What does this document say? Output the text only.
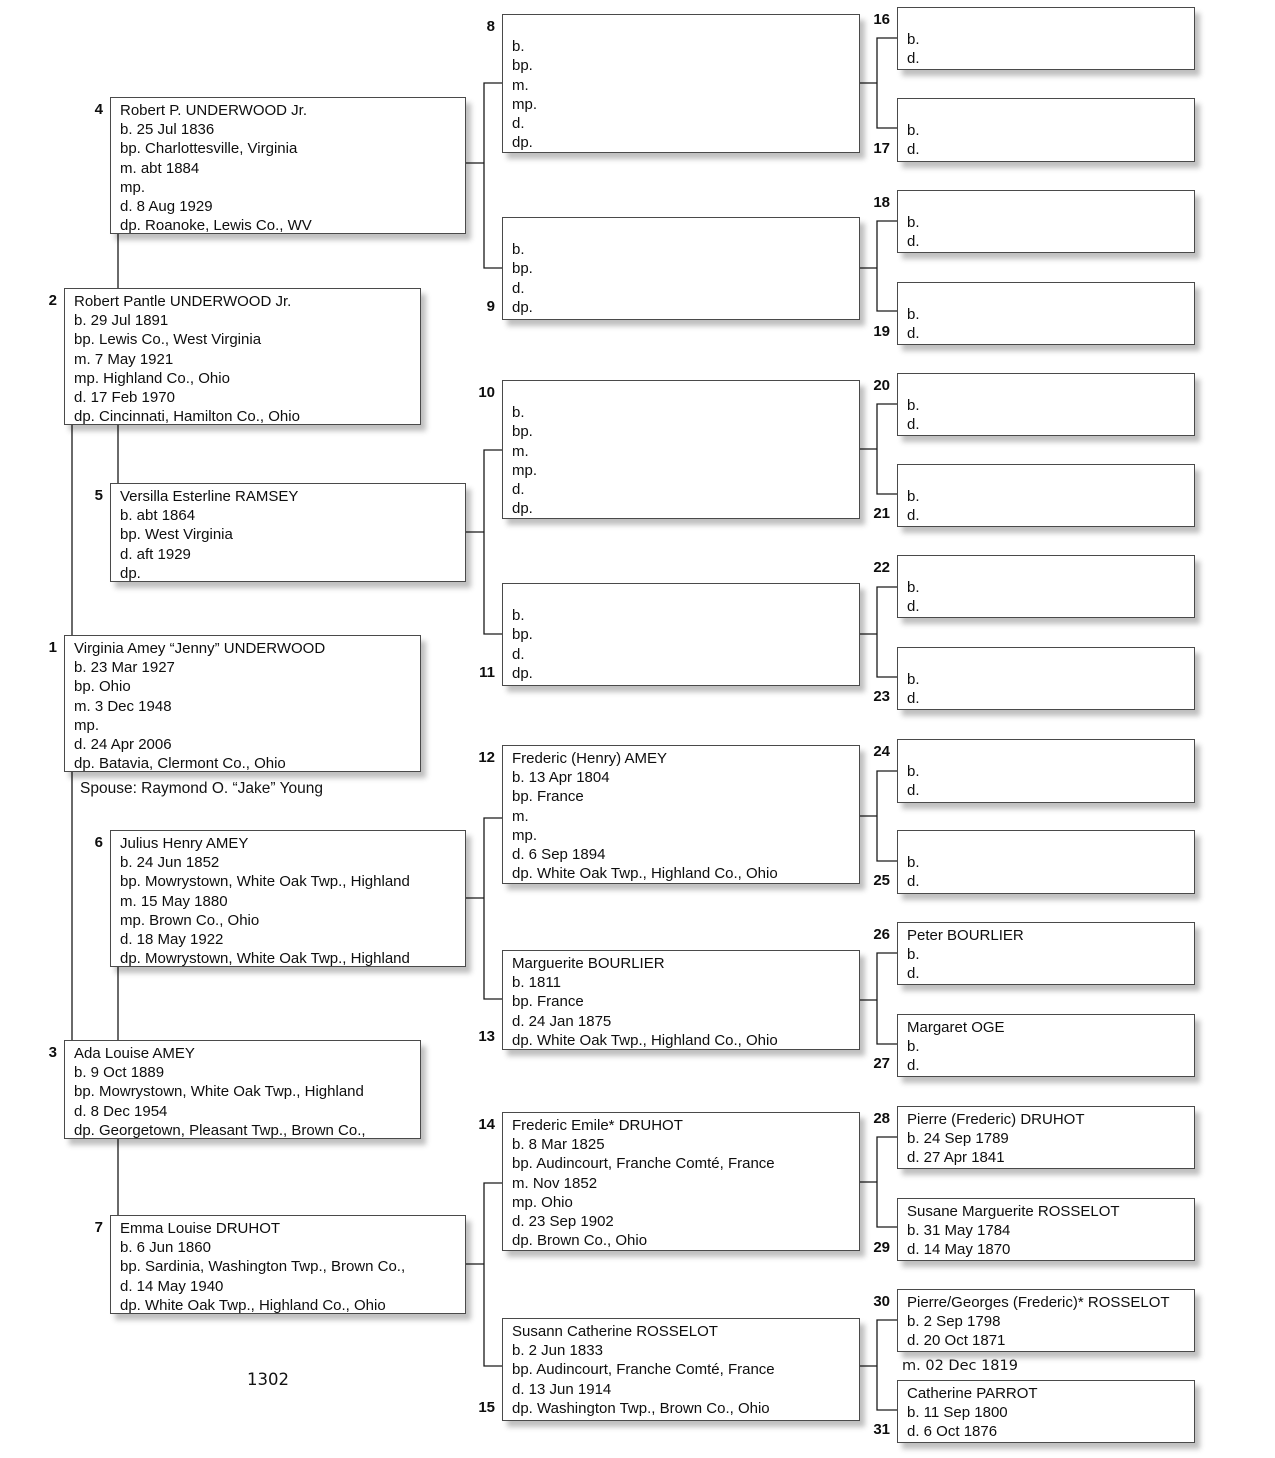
1 Virginia Amey “Jenny” UNDERWOOD
b. 23 Mar 1927
bp. Ohio
m. 3 Dec 1948
mp.
d. 24 Apr 2006
dp. Batavia, Clermont Co., Ohio
2 Robert Pantle UNDERWOOD Jr.
b. 29 Jul 1891
bp. Lewis Co., West Virginia
m. 7 May 1921
mp. Highland Co., Ohio
d. 17 Feb 1970
dp. Cincinnati, Hamilton Co., Ohio
3 Ada Louise AMEY
b. 9 Oct 1889
bp. Mowrystown, White Oak Twp., Highland
d. 8 Dec 1954
dp. Georgetown, Pleasant Twp., Brown Co.,
4 Robert P. UNDERWOOD Jr.
b. 25 Jul 1836
bp. Charlottesville, Virginia
m. abt 1884
mp.
d. 8 Aug 1929
dp. Roanoke, Lewis Co., WV
5 Versilla Esterline RAMSEY
b. abt 1864
bp. West Virginia
d. aft 1929
dp.
6 Julius Henry AMEY
b. 24 Jun 1852
bp. Mowrystown, White Oak Twp., Highland
m. 15 May 1880
mp. Brown Co., Ohio
d. 18 May 1922
dp. Mowrystown, White Oak Twp., Highland
7 Emma Louise DRUHOT
b. 6 Jun 1860
bp. Sardinia, Washington Twp., Brown Co.,
d. 14 May 1940
dp. White Oak Twp., Highland Co., Ohio
8
b.
bp.
m.
mp.
d.
dp.
9
b.
bp.
d.
dp.
10
b.
bp.
m.
mp.
d.
dp.
11
b.
bp.
d.
dp.
12 Frederic (Henry) AMEY
b. 13 Apr 1804
bp. France
m.
mp.
d. 6 Sep 1894
dp. White Oak Twp., Highland Co., Ohio
13
Marguerite BOURLIER
b. 1811
bp. France
d. 24 Jan 1875
dp. White Oak Twp., Highland Co., Ohio
14 Frederic Emile* DRUHOT
b. 8 Mar 1825
bp. Audincourt, Franche Comté, France
m. Nov 1852
mp. Ohio
d. 23 Sep 1902
dp. Brown Co., Ohio
15
Susann Catherine ROSSELOT
b. 2 Jun 1833
bp. Audincourt, Franche Comté, France
d. 13 Jun 1914
dp. Washington Twp., Brown Co., Ohio
16
b.
d.
17
b.
d.
18
b.
d.
19
b.
d.
20
b.
d.
21
b.
d.
22
b.
d.
23
b.
d.
24
b.
d.
25
b.
d.
26 Peter BOURLIER
b.
d.
27
Margaret OGE
b.
d.
28 Pierre (Frederic) DRUHOT
b. 24 Sep 1789
d. 27 Apr 1841
29
Susane Marguerite ROSSELOT
b. 31 May 1784
d. 14 May 1870
30 Pierre/Georges (Frederic)* ROSSELOT
b. 2 Sep 1798
d. 20 Oct 1871
31
Catherine PARROT
b. 11 Sep 1800
d. 6 Oct 1876
Spouse: Raymond O. “Jake” Young
m. 02 Dec 1819
1302
